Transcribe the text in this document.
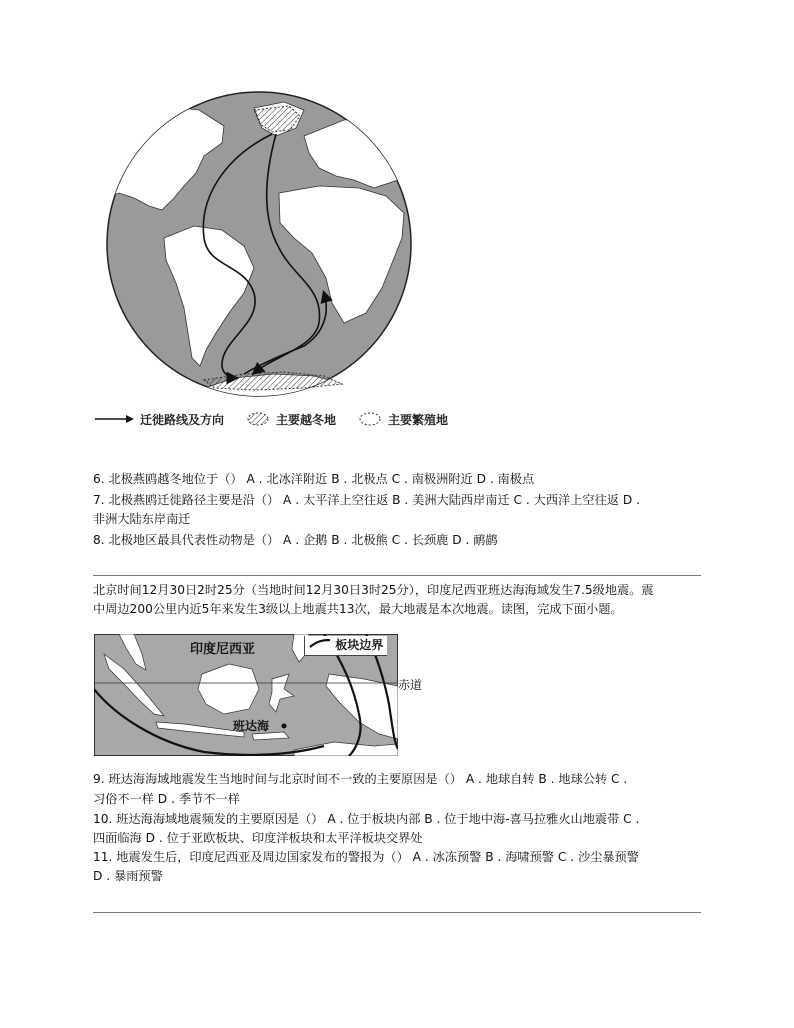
迁徙路线及方向	主要越冬地	主要繁殖地
6. 北极燕鸥越冬地位于（） A . 北冰洋附近 B . 北极点 C . 南极洲附近 D . 南极点
7. 北极燕鸥迁徙路径主要是沿（） A . 太平洋上空往返 B . 美洲大陆西岸南迁 C . 大西洋上空往返 D .
非洲大陆东岸南迁
8. 北极地区最具代表性动物是（） A . 企鹅 B . 北极熊 C . 长颈鹿 D . 鸸鹋
北京时间12月30日2时25分（当地时间12月30日3时25分），印度尼西亚班达海海域发生7.5级地震。震
中周边200公里内近5年来发生3级以上地震共13次，最大地震是本次地震。读图，完成下面小题。
印度尼西亚	板块边界
班达海
赤道
9. 班达海海域地震发生当地时间与北京时间不一致的主要原因是（） A . 地球自转 B . 地球公转 C .
习俗不一样 D . 季节不一样
10. 班达海海域地震频发的主要原因是（） A . 位于板块内部 B . 位于地中海-喜马拉雅火山地震带 C .
四面临海 D . 位于亚欧板块、印度洋板块和太平洋板块交界处
11. 地震发生后，印度尼西亚及周边国家发布的警报为（） A . 冰冻预警 B . 海啸预警 C . 沙尘暴预警
D . 暴雨预警
